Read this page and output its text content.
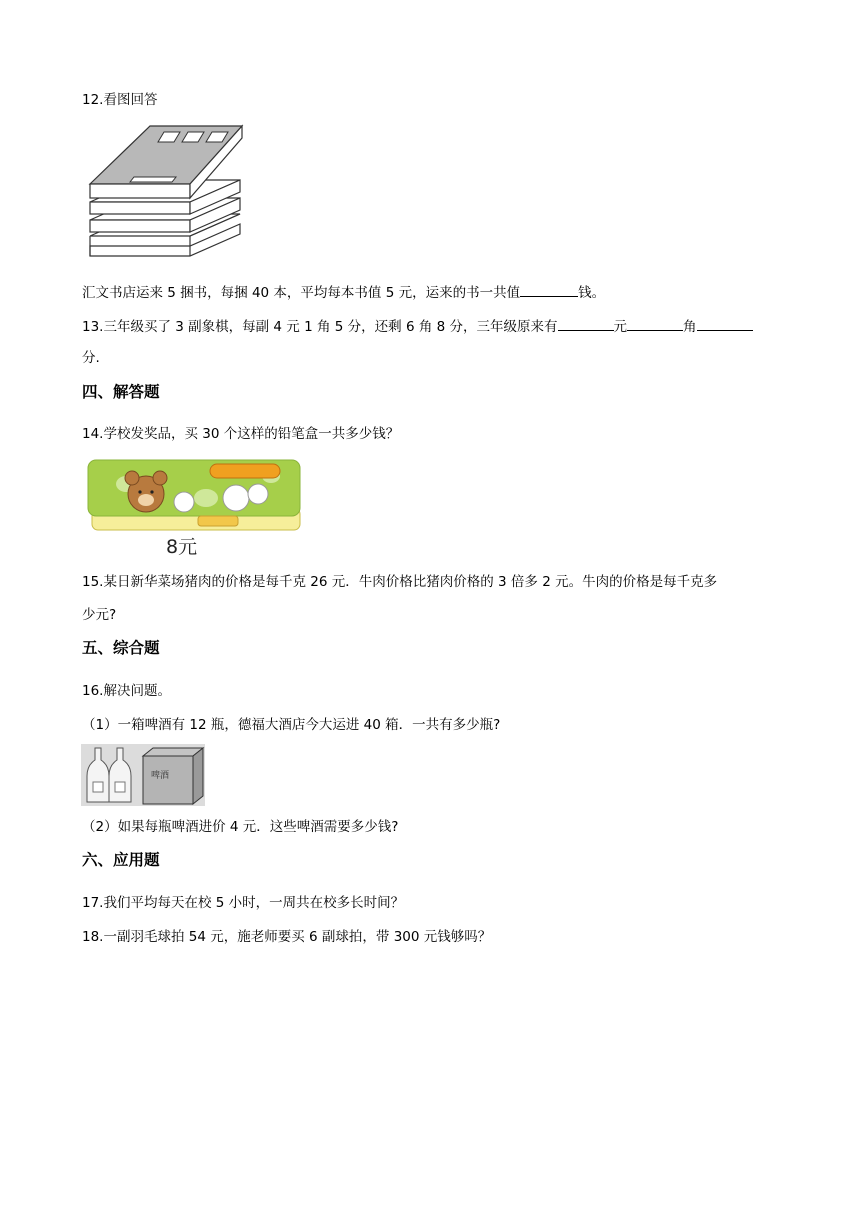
12.看图回答
汇文书店运来 5 捆书，每捆 40 本，平均每本书值 5 元，运来的书一共值	钱。
13.三年级买了 3 副象棋，每副 4 元 1 角 5 分，还剩 6 角 8 分，三年级原来有	元	角
分.
四、解答题
14.学校发奖品，买 30 个这样的铅笔盒一共多少钱？
8元
15.某日新华菜场猪肉的价格是每千克 26 元．牛肉价格比猪肉价格的 3 倍多 2 元。牛肉的价格是每千克多
少元?
五、综合题
16.解决问题。
（1）一箱啤酒有 12 瓶，德福大酒店今大运进 40 箱．一共有多少瓶?
啤酒
（2）如果每瓶啤酒进价 4 元．这些啤酒需要多少钱?
六、应用题
17.我们平均每天在校 5 小时，一周共在校多长时间？
18.一副羽毛球拍 54 元，施老师要买 6 副球拍，带 300 元钱够吗？
